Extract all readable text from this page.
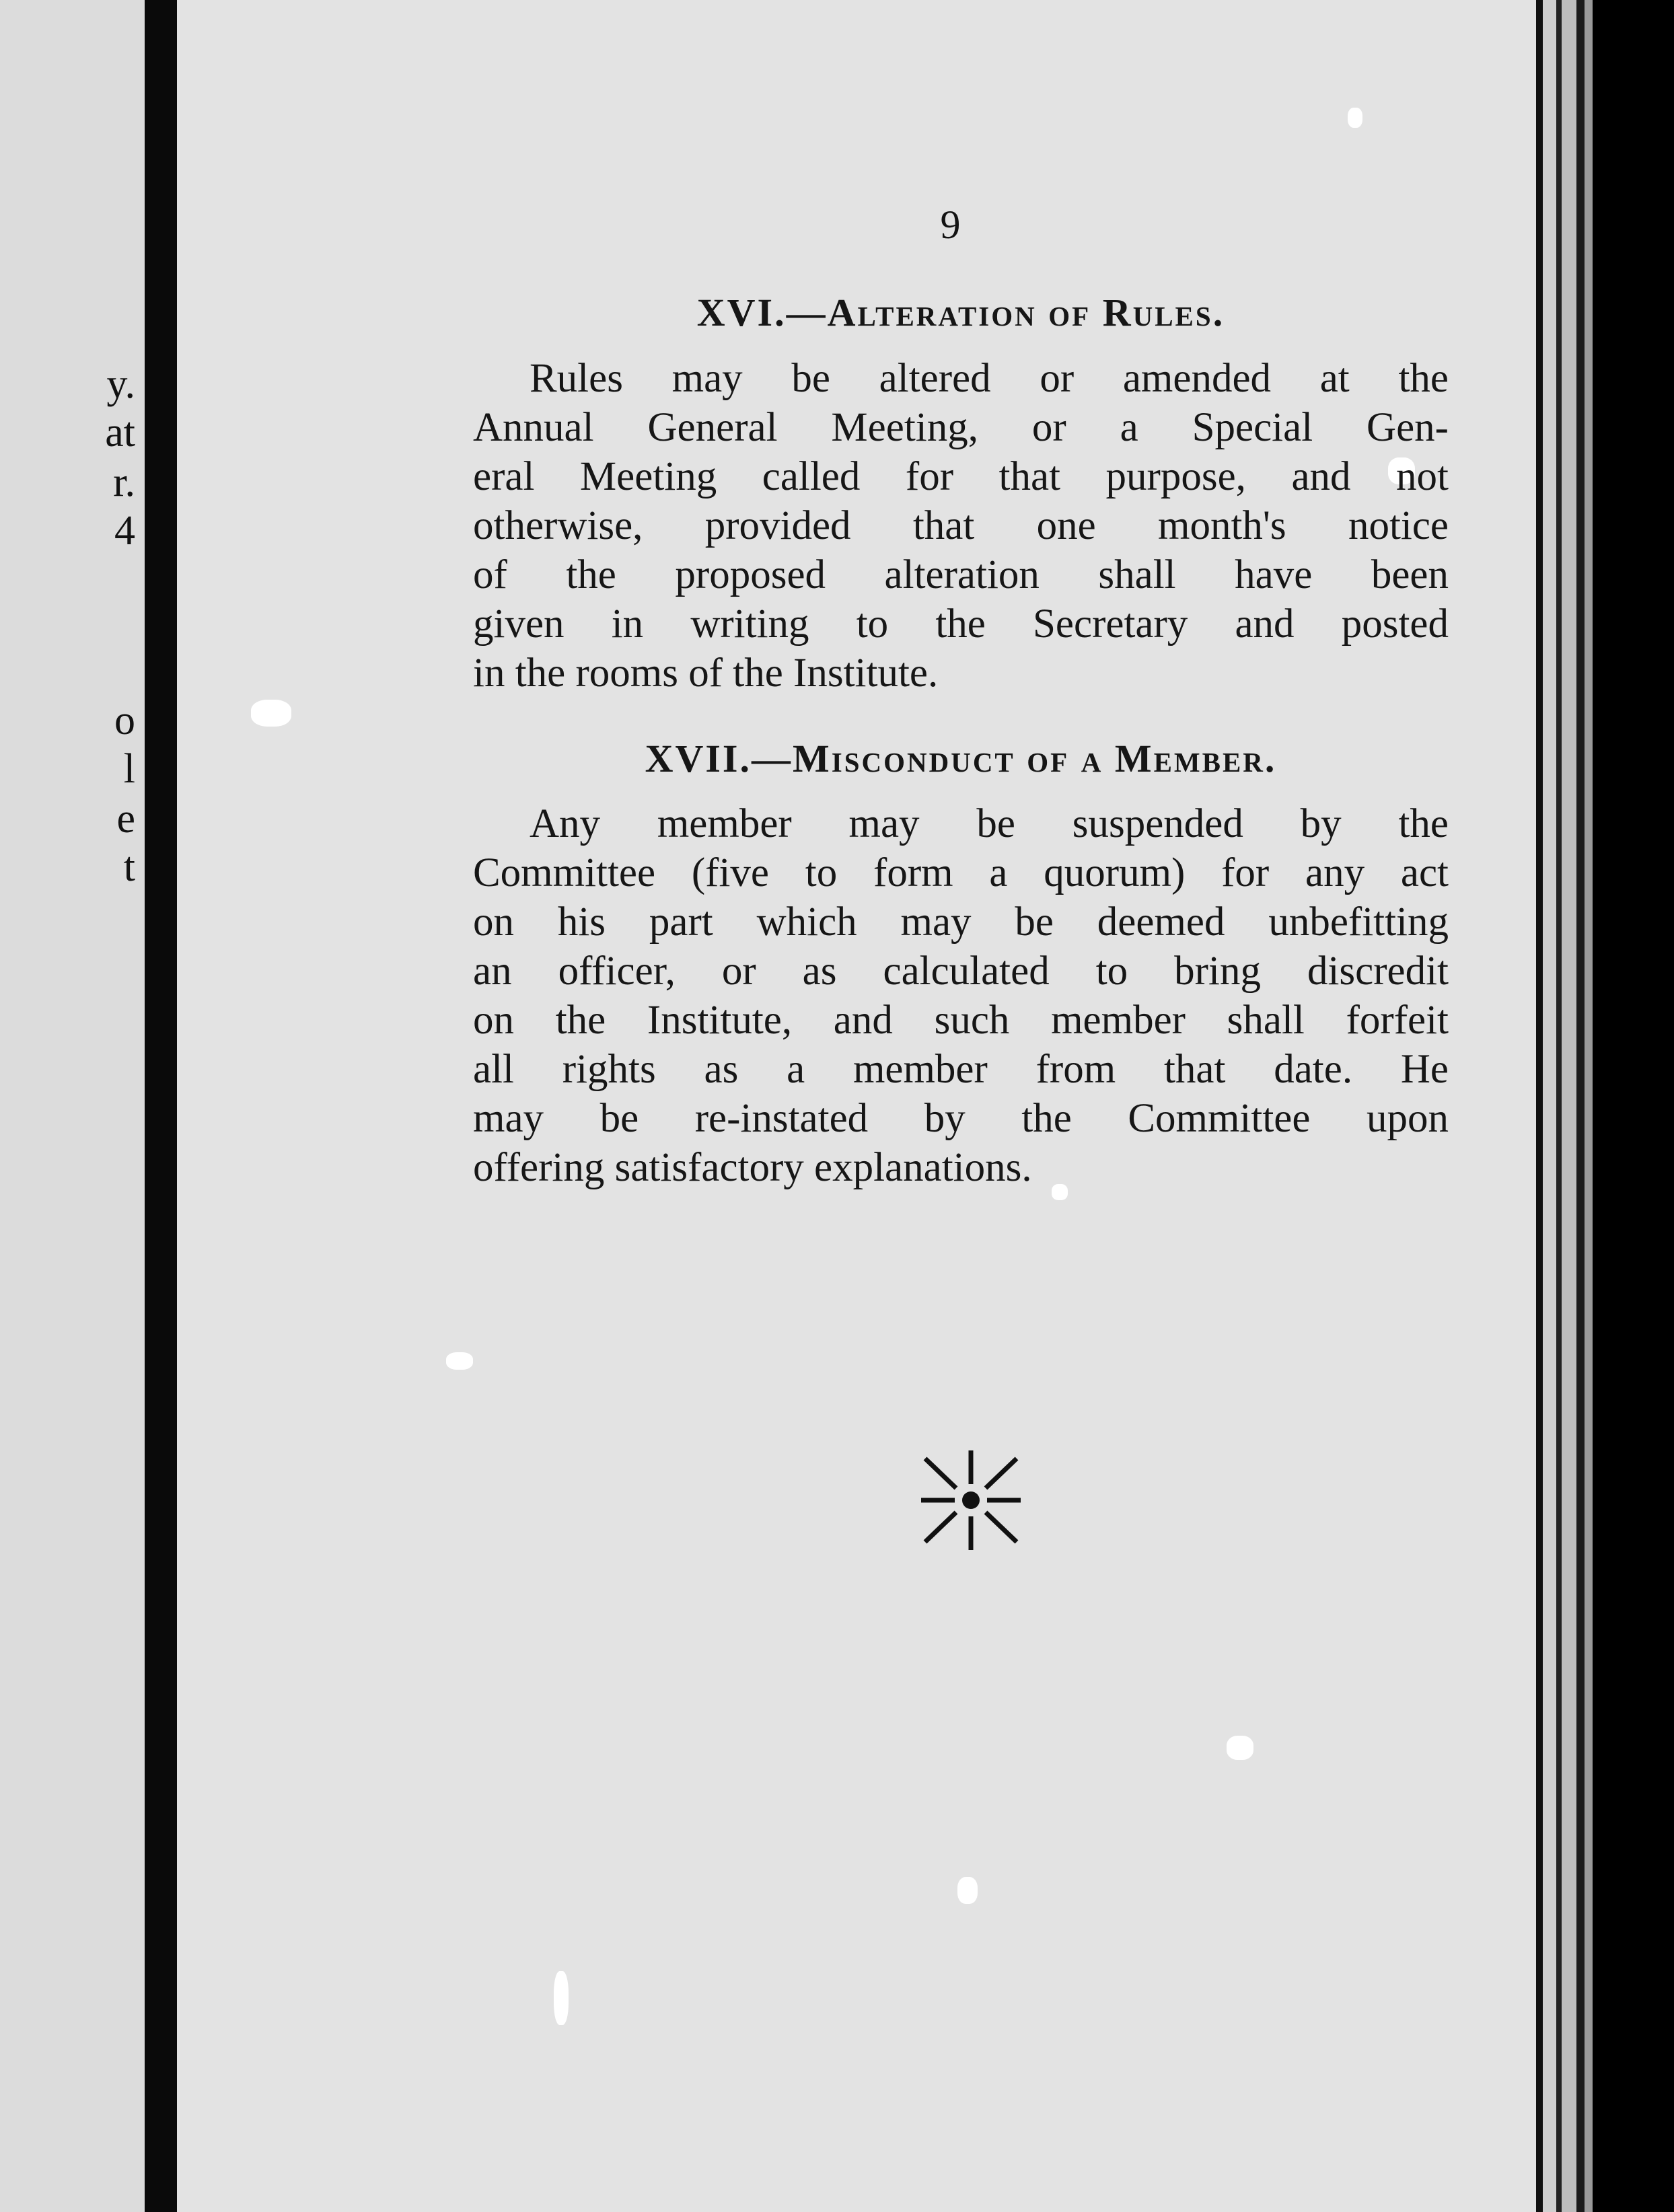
y.
at
r.
4
o
l
e
t
9
XVI.—Alteration of Rules.

Rules may be altered or amended at the
Annual General Meeting, or a Special Gen-
eral Meeting called for that purpose, and not
otherwise, provided that one month's notice
of the proposed alteration shall have been
given in writing to the Secretary and posted
in the rooms of the Institute.

XVII.—Misconduct of a Member.

Any member may be suspended by the
Committee (five to form a quorum) for any act
on his part which may be deemed unbefitting
an officer, or as calculated to bring discredit
on the Institute, and such member shall forfeit
all rights as a member from that date. He
may be re-instated by the Committee upon
offering satisfactory explanations.
